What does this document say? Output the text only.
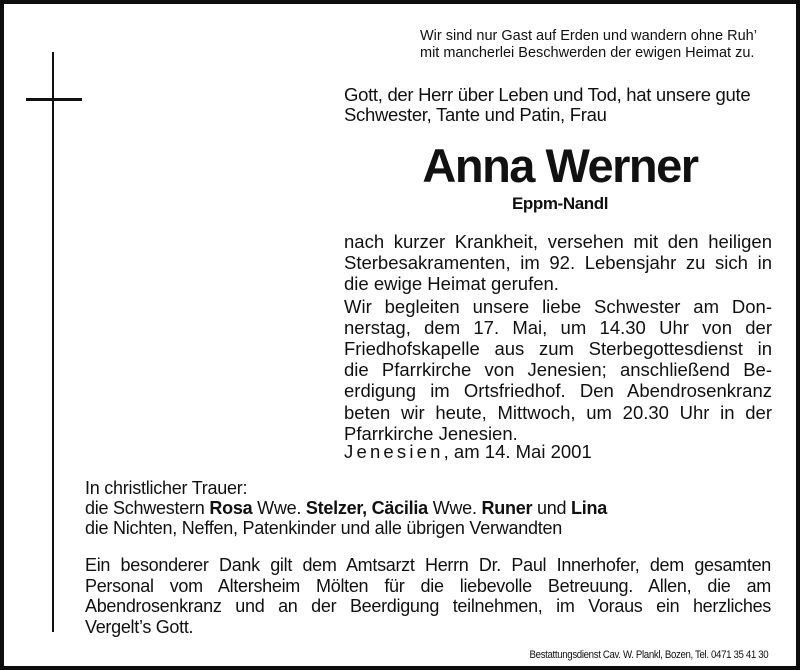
Wir sind nur Gast auf Erden und wandern ohne Ruh’
mit mancherlei Beschwerden der ewigen Heimat zu.
Gott, der Herr über Leben und Tod, hat unsere gute
Schwester, Tante und Patin, Frau
Anna Werner
Eppm-Nandl
nach kurzer Krankheit, versehen mit den heiligen
Sterbesakramenten, im 92. Lebensjahr zu sich in
die ewige Heimat gerufen.
Wir begleiten unsere liebe Schwester am Don-
nerstag, dem 17. Mai, um 14.30 Uhr von der
Friedhofskapelle aus zum Sterbegottesdienst in
die Pfarrkirche von Jenesien; anschließend Be-
erdigung im Ortsfriedhof. Den Abendrosenkranz
beten wir heute, Mittwoch, um 20.30 Uhr in der
Pfarrkirche Jenesien.
Jenesien, am 14. Mai 2001
In christlicher Trauer:
die Schwestern Rosa Wwe. Stelzer, Cäcilia Wwe. Runer und Lina
die Nichten, Neffen, Patenkinder und alle übrigen Verwandten
Ein besonderer Dank gilt dem Amtsarzt Herrn Dr. Paul Innerhofer, dem gesamten
Personal vom Altersheim Mölten für die liebevolle Betreuung. Allen, die am
Abendrosenkranz und an der Beerdigung teilnehmen, im Voraus ein herzliches
Vergelt’s Gott.
Bestattungsdienst Cav. W. Plankl, Bozen, Tel. 0471 35 41 30
